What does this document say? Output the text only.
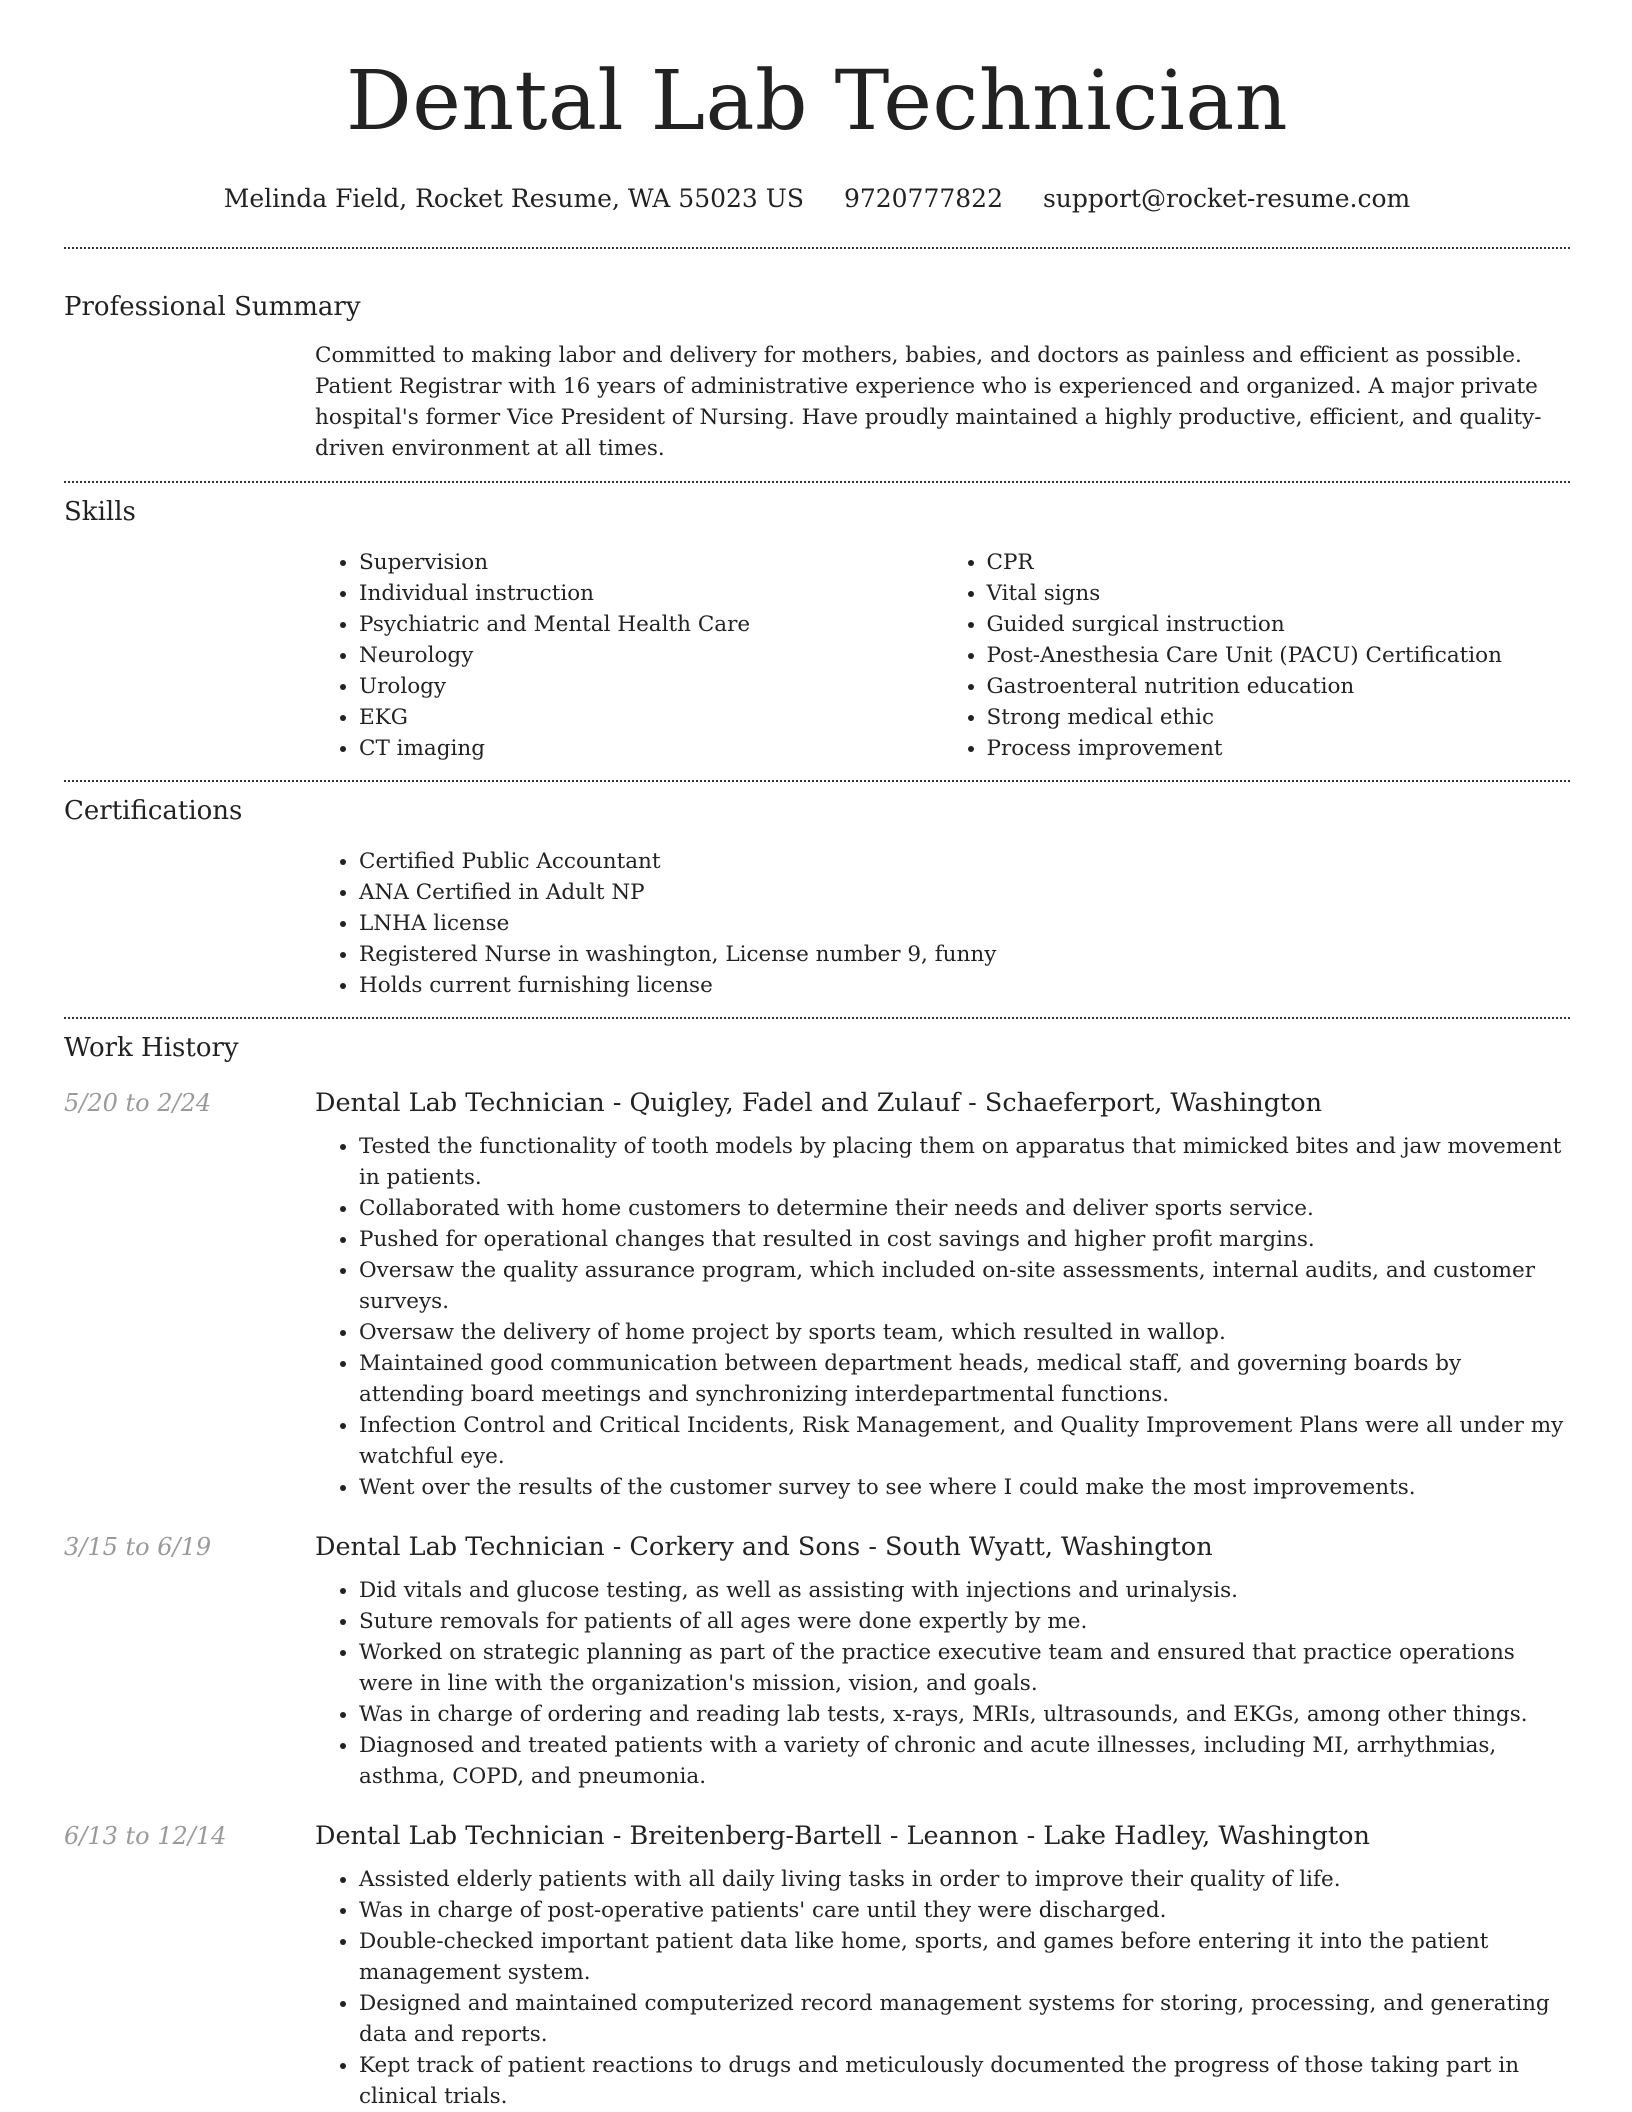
Dental Lab Technician
Melinda Field, Rocket Resume, WA 55023 US 9720777822 support@rocket-resume.com
Professional Summary
Committed to making labor and delivery for mothers, babies, and doctors as painless and efficient as possible. Patient Registrar with 16 years of administrative experience who is experienced and organized. A major private hospital's former Vice President of Nursing. Have proudly maintained a highly productive, efficient, and quality-driven environment at all times.
Skills
• Supervision
• Individual instruction
• Psychiatric and Mental Health Care
• Neurology
• Urology
• EKG
• CT imaging
• CPR
• Vital signs
• Guided surgical instruction
• Post-Anesthesia Care Unit (PACU) Certification
• Gastroenteral nutrition education
• Strong medical ethic
• Process improvement
Certifications
• Certified Public Accountant
• ANA Certified in Adult NP
• LNHA license
• Registered Nurse in washington, License number 9, funny
• Holds current furnishing license
Work History
5/20 to 2/24	Dental Lab Technician - Quigley, Fadel and Zulauf - Schaeferport, Washington
• Tested the functionality of tooth models by placing them on apparatus that mimicked bites and jaw movement in patients.
• Collaborated with home customers to determine their needs and deliver sports service.
• Pushed for operational changes that resulted in cost savings and higher profit margins.
• Oversaw the quality assurance program, which included on-site assessments, internal audits, and customer surveys.
• Oversaw the delivery of home project by sports team, which resulted in wallop.
• Maintained good communication between department heads, medical staff, and governing boards by attending board meetings and synchronizing interdepartmental functions.
• Infection Control and Critical Incidents, Risk Management, and Quality Improvement Plans were all under my watchful eye.
• Went over the results of the customer survey to see where I could make the most improvements.
3/15 to 6/19	Dental Lab Technician - Corkery and Sons - South Wyatt, Washington
• Did vitals and glucose testing, as well as assisting with injections and urinalysis.
• Suture removals for patients of all ages were done expertly by me.
• Worked on strategic planning as part of the practice executive team and ensured that practice operations were in line with the organization's mission, vision, and goals.
• Was in charge of ordering and reading lab tests, x-rays, MRIs, ultrasounds, and EKGs, among other things.
• Diagnosed and treated patients with a variety of chronic and acute illnesses, including MI, arrhythmias, asthma, COPD, and pneumonia.
6/13 to 12/14	Dental Lab Technician - Breitenberg-Bartell - Leannon - Lake Hadley, Washington
• Assisted elderly patients with all daily living tasks in order to improve their quality of life.
• Was in charge of post-operative patients' care until they were discharged.
• Double-checked important patient data like home, sports, and games before entering it into the patient management system.
• Designed and maintained computerized record management systems for storing, processing, and generating data and reports.
• Kept track of patient reactions to drugs and meticulously documented the progress of those taking part in clinical trials.
